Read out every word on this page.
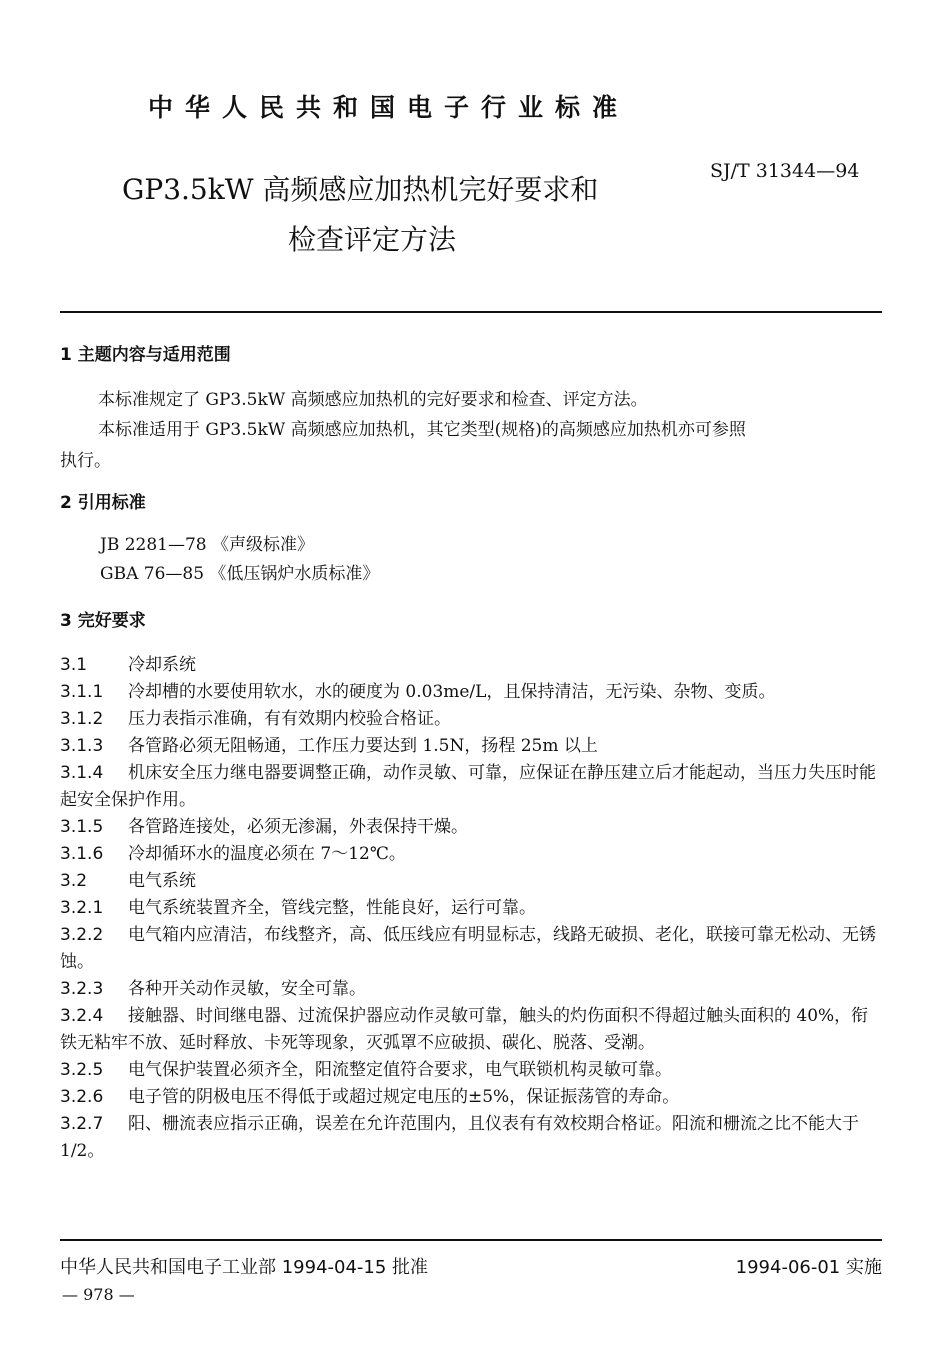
中华人民共和国电子行业标准
GP3.5kW 高频感应加热机完好要求和
检查评定方法
SJ/T 31344—94
1 主题内容与适用范围
本标准规定了 GP3.5kW 高频感应加热机的完好要求和检查、评定方法。
本标准适用于 GP3.5kW 高频感应加热机，其它类型(规格)的高频感应加热机亦可参照
执行。
2 引用标准
JB 2281—78 《声级标准》
GBA 76—85 《低压锅炉水质标准》
3 完好要求
3.1 冷却系统
3.1.1 冷却槽的水要使用软水，水的硬度为 0.03me/L，且保持清洁，无污染、杂物、变质。
3.1.2 压力表指示准确，有有效期内校验合格证。
3.1.3 各管路必须无阻畅通，工作压力要达到 1.5N，扬程 25m 以上
3.1.4 机床安全压力继电器要调整正确，动作灵敏、可靠，应保证在静压建立后才能起动，当压力失压时能起安全保护作用。
3.1.5 各管路连接处，必须无渗漏，外表保持干燥。
3.1.6 冷却循环水的温度必须在 7～12℃。
3.2 电气系统
3.2.1 电气系统装置齐全，管线完整，性能良好，运行可靠。
3.2.2 电气箱内应清洁，布线整齐，高、低压线应有明显标志，线路无破损、老化，联接可靠无松动、无锈蚀。
3.2.3 各种开关动作灵敏，安全可靠。
3.2.4 接触器、时间继电器、过流保护器应动作灵敏可靠，触头的灼伤面积不得超过触头面积的 40%，衔铁无粘牢不放、延时释放、卡死等现象，灭弧罩不应破损、碳化、脱落、受潮。
3.2.5 电气保护装置必须齐全，阳流整定值符合要求，电气联锁机构灵敏可靠。
3.2.6 电子管的阴极电压不得低于或超过规定电压的±5%，保证振荡管的寿命。
3.2.7 阳、栅流表应指示正确，误差在允许范围内，且仪表有有效校期合格证。阳流和栅流之比不能大于 1/2。
中华人民共和国电子工业部 1994-04-15 批准	1994-06-01 实施
— 978 —
